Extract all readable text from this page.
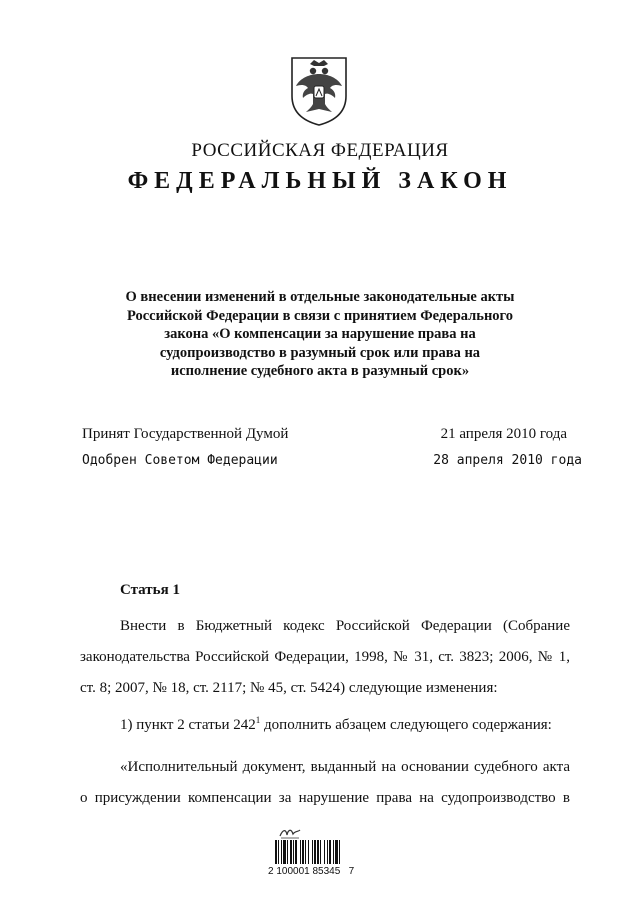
РОССИЙСКАЯ ФЕДЕРАЦИЯ
ФЕДЕРАЛЬНЫЙ ЗАКОН
О внесении изменений в отдельные законодательные акты
Российской Федерации в связи с принятием Федерального
закона «О компенсации за нарушение права на
судопроизводство в разумный срок или права на
исполнение судебного акта в разумный срок»
Принят Государственной Думой	21 апреля 2010 года
Одобрен Советом Федерации	28 апреля 2010 года
Статья 1
Внести в Бюджетный кодекс Российской Федерации (Собрание законодательства Российской Федерации, 1998, № 31, ст. 3823; 2006, № 1, ст. 8; 2007, № 18, ст. 2117; № 45, ст. 5424) следующие изменения:
1) пункт 2 статьи $242^1$ дополнить абзацем следующего содержания:
«Исполнительный документ, выданный на основании судебного акта о присуждении компенсации за нарушение права на судопроизводство в
2 100001 85345   7
